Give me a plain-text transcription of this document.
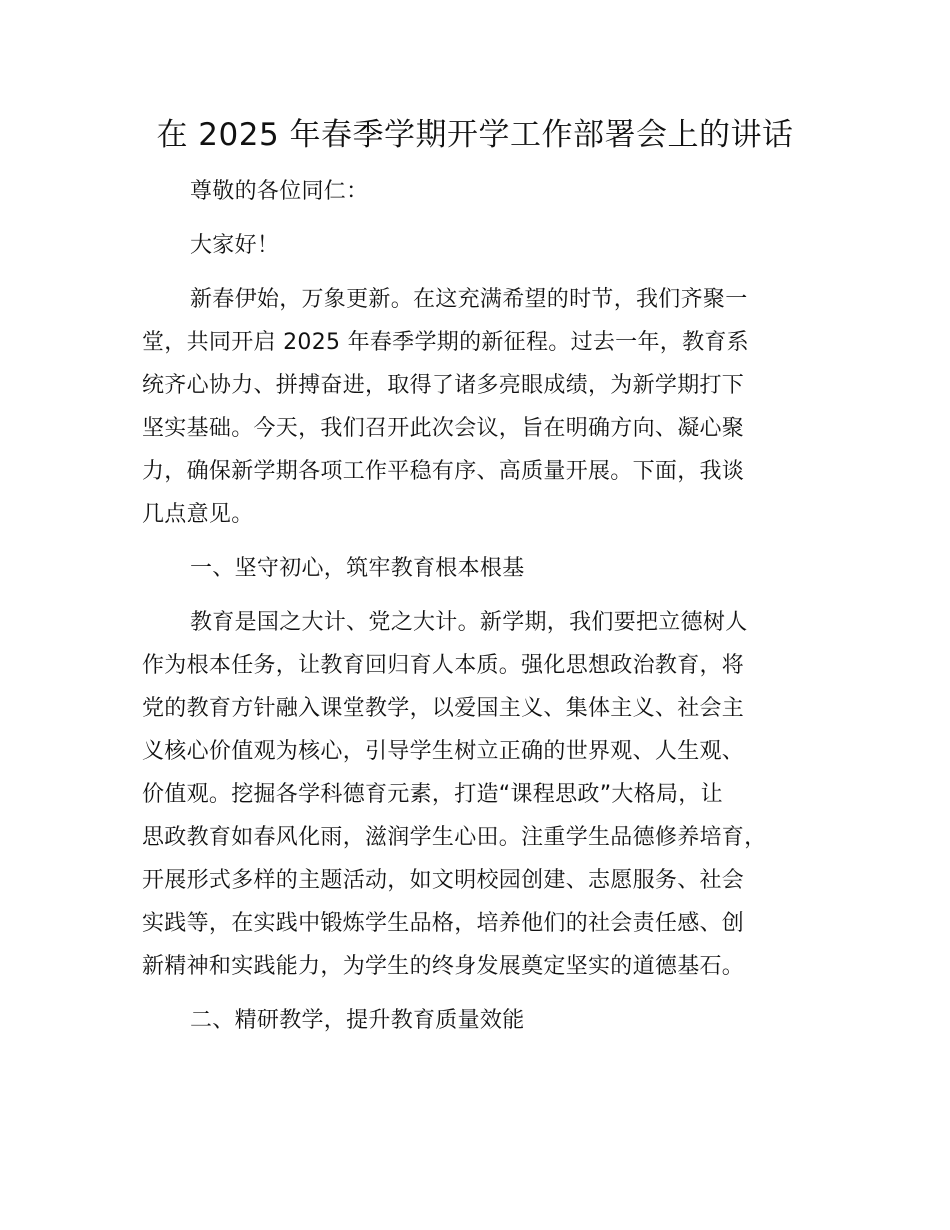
在 2025 年春季学期开学工作部署会上的讲话

尊敬的各位同仁：

大家好！

新春伊始，万象更新。在这充满希望的时节，我们齐聚一
堂，共同开启 2025 年春季学期的新征程。过去一年，教育系
统齐心协力、拼搏奋进，取得了诸多亮眼成绩，为新学期打下
坚实基础。今天，我们召开此次会议，旨在明确方向、凝心聚
力，确保新学期各项工作平稳有序、高质量开展。下面，我谈
几点意见。

一、坚守初心，筑牢教育根本根基

教育是国之大计、党之大计。新学期，我们要把立德树人
作为根本任务，让教育回归育人本质。强化思想政治教育，将
党的教育方针融入课堂教学，以爱国主义、集体主义、社会主
义核心价值观为核心，引导学生树立正确的世界观、人生观、
价值观。挖掘各学科德育元素，打造“课程思政”大格局，让
思政教育如春风化雨，滋润学生心田。注重学生品德修养培育，
开展形式多样的主题活动，如文明校园创建、志愿服务、社会
实践等，在实践中锻炼学生品格，培养他们的社会责任感、创
新精神和实践能力，为学生的终身发展奠定坚实的道德基石。

二、精研教学，提升教育质量效能
